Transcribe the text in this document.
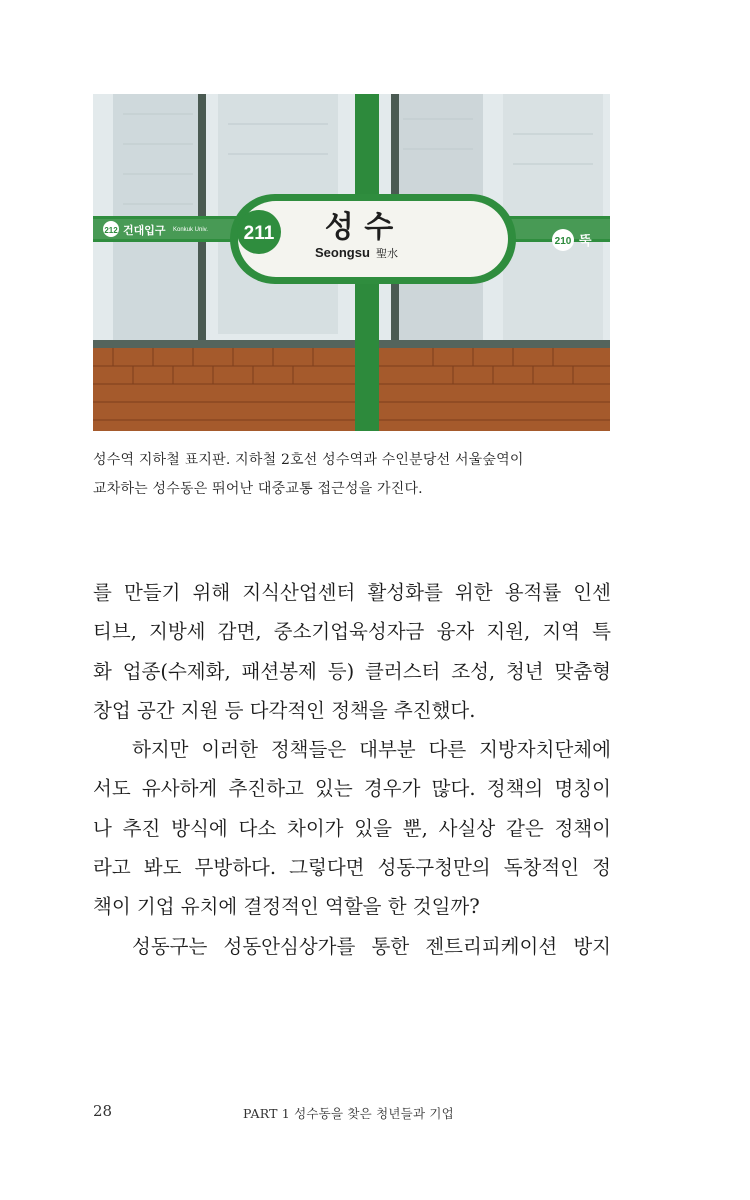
212 건대입구 Konkuk Univ.
210 뚝
211 성 수
Seongsu 聖水
성수역 지하철 표지판. 지하철 2호선 성수역과 수인분당선 서울숲역이
교차하는 성수동은 뛰어난 대중교통 접근성을 가진다.

를 만들기 위해 지식산업센터 활성화를 위한 용적률 인센

티브, 지방세 감면, 중소기업육성자금 융자 지원, 지역 특

화 업종(수제화, 패션봉제 등) 클러스터 조성, 청년 맞춤형

창업 공간 지원 등 다각적인 정책을 추진했다.

하지만 이러한 정책들은 대부분 다른 지방자치단체에

서도 유사하게 추진하고 있는 경우가 많다. 정책의 명칭이

나 추진 방식에 다소 차이가 있을 뿐, 사실상 같은 정책이

라고 봐도 무방하다. 그렇다면 성동구청만의 독창적인 정

책이 기업 유치에 결정적인 역할을 한 것일까?

성동구는 성동안심상가를 통한 젠트리피케이션 방지

28	PART 1 성수동을 찾은 청년들과 기업
